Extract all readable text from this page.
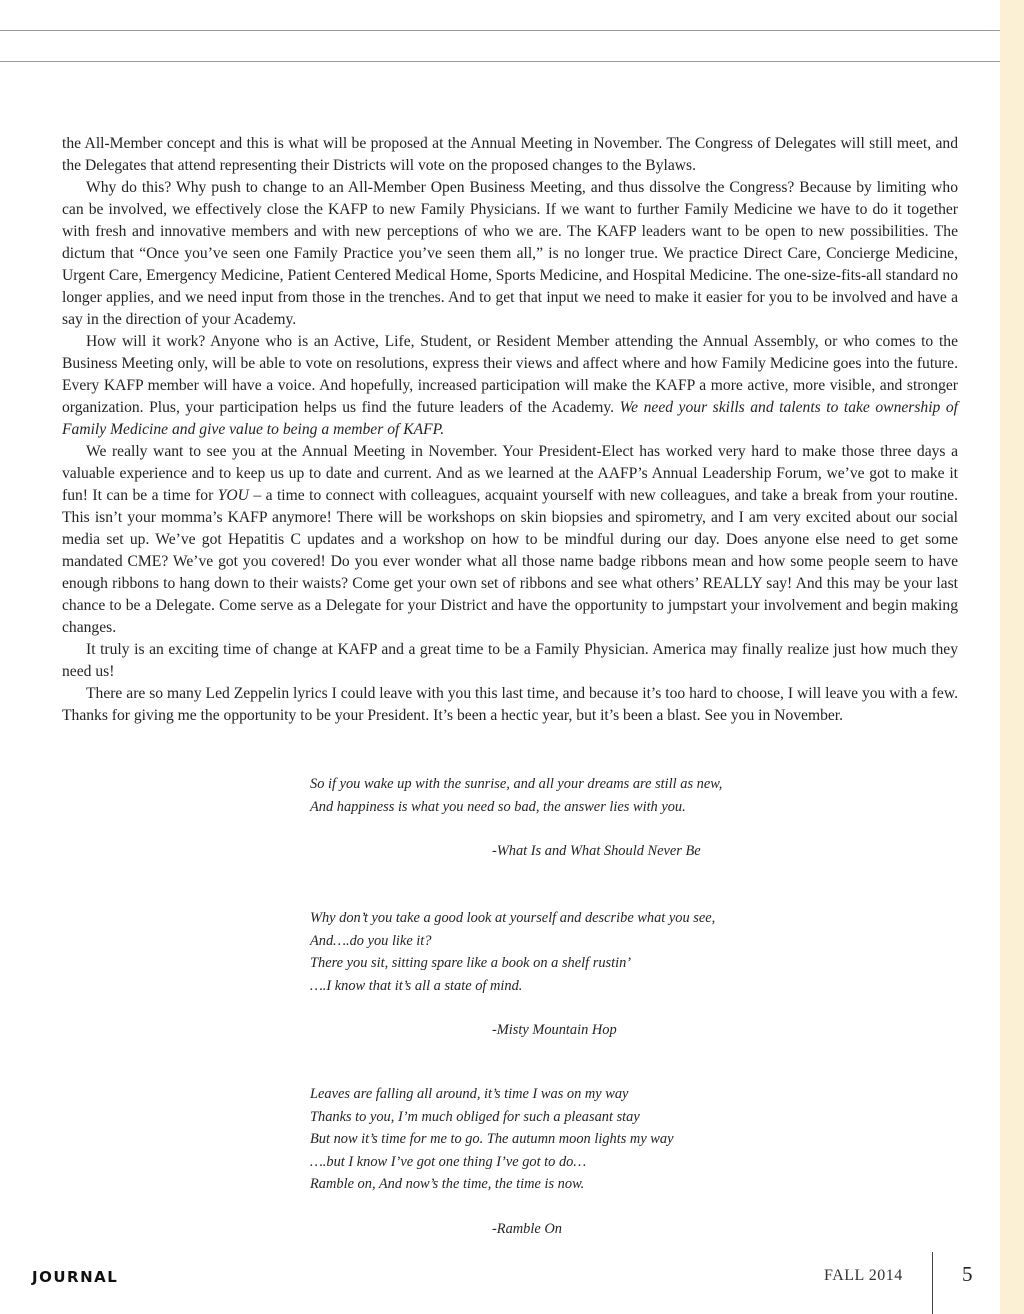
the All-Member concept and this is what will be proposed at the Annual Meeting in November. The Congress of Delegates will still meet, and the Delegates that attend representing their Districts will vote on the proposed changes to the Bylaws.

Why do this? Why push to change to an All-Member Open Business Meeting, and thus dissolve the Congress? Because by limiting who can be involved, we effectively close the KAFP to new Family Physicians. If we want to further Family Medicine we have to do it together with fresh and innovative members and with new perceptions of who we are. The KAFP leaders want to be open to new possibilities. The dictum that “Once you’ve seen one Family Practice you’ve seen them all,” is no longer true. We practice Direct Care, Concierge Medicine, Urgent Care, Emergency Medicine, Patient Centered Medical Home, Sports Medicine, and Hospital Medicine. The one-size-fits-all standard no longer applies, and we need input from those in the trenches. And to get that input we need to make it easier for you to be involved and have a say in the direction of your Academy.

How will it work? Anyone who is an Active, Life, Student, or Resident Member attending the Annual Assembly, or who comes to the Business Meeting only, will be able to vote on resolutions, express their views and affect where and how Family Medicine goes into the future. Every KAFP member will have a voice. And hopefully, increased participation will make the KAFP a more active, more visible, and stronger organization. Plus, your participation helps us find the future leaders of the Academy. We need your skills and talents to take ownership of Family Medicine and give value to being a member of KAFP.

We really want to see you at the Annual Meeting in November. Your President-Elect has worked very hard to make those three days a valuable experience and to keep us up to date and current. And as we learned at the AAFP’s Annual Leadership Forum, we’ve got to make it fun! It can be a time for YOU – a time to connect with colleagues, acquaint yourself with new colleagues, and take a break from your routine. This isn’t your momma’s KAFP anymore! There will be workshops on skin biopsies and spirometry, and I am very excited about our social media set up. We’ve got Hepatitis C updates and a workshop on how to be mindful during our day. Does anyone else need to get some mandated CME? We’ve got you covered! Do you ever wonder what all those name badge ribbons mean and how some people seem to have enough ribbons to hang down to their waists? Come get your own set of ribbons and see what others’ REALLY say! And this may be your last chance to be a Delegate. Come serve as a Delegate for your District and have the opportunity to jumpstart your involvement and begin making changes.

It truly is an exciting time of change at KAFP and a great time to be a Family Physician. America may finally realize just how much they need us!

There are so many Led Zeppelin lyrics I could leave with you this last time, and because it’s too hard to choose, I will leave you with a few. Thanks for giving me the opportunity to be your President. It’s been a hectic year, but it’s been a blast. See you in November.

So if you wake up with the sunrise, and all your dreams are still as new,
And happiness is what you need so bad, the answer lies with you.
-What Is and What Should Never Be
Why don’t you take a good look at yourself and describe what you see,
And….do you like it?
There you sit, sitting spare like a book on a shelf rustin’
….I know that it’s all a state of mind.
-Misty Mountain Hop
Leaves are falling all around, it’s time I was on my way
Thanks to you, I’m much obliged for such a pleasant stay
But now it’s time for me to go. The autumn moon lights my way
….but I know I’ve got one thing I’ve got to do…
Ramble on, And now’s the time, the time is now.
-Ramble On
JOURNAL	FALL 2014	5
